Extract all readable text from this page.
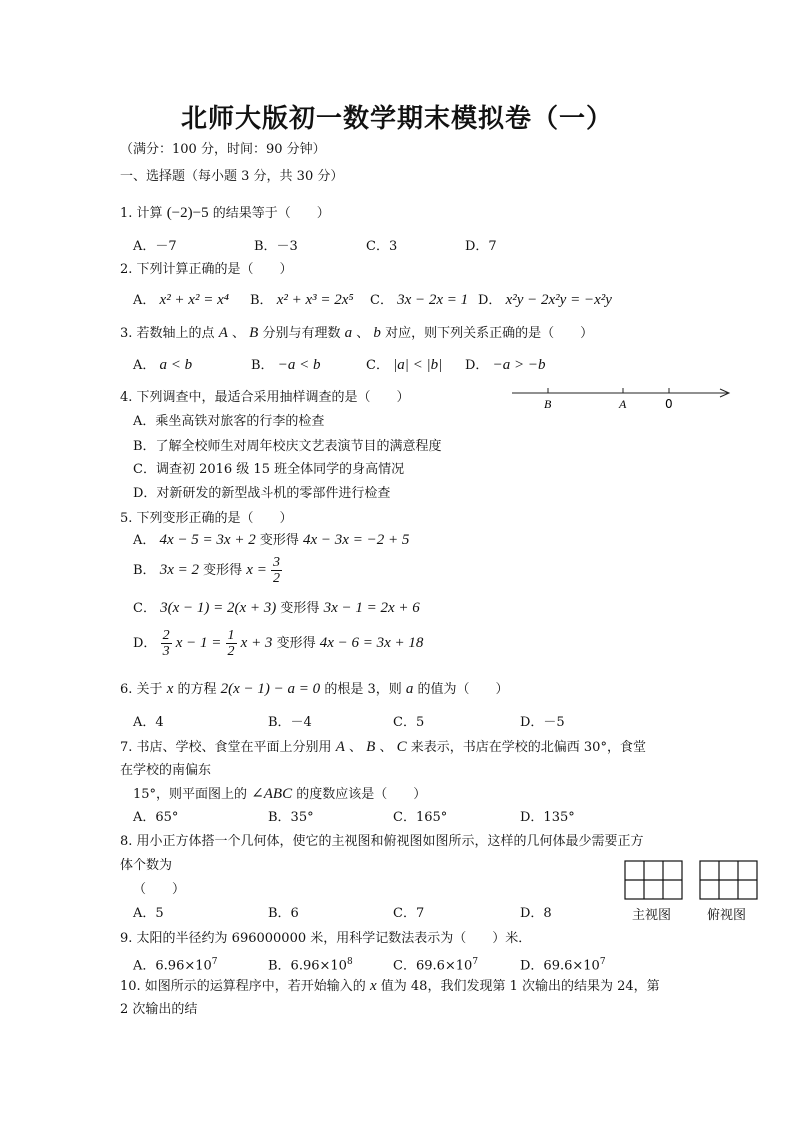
北师大版初一数学期末模拟卷（一）
（满分：100 分，时间：90 分钟）
一、选择题（每小题 3 分，共 30 分）
1. 计算 (−2)−5 的结果等于（　　）
A．－7	B．－3	C．3	D．7
2. 下列计算正确的是（　　）
A． x² + x² = x⁴ B． x² + x³ = 2x⁵ C． 3x − 2x = 1 D． x²y − 2x²y = −x²y
3. 若数轴上的点 A 、 B 分别与有理数 a 、 b 对应，则下列关系正确的是（　　）
A． a < b	B． −a < b	C． |a| < |b| D． −a > −b
4. 下列调查中，最适合采用抽样调查的是（　　）
A．乘坐高铁对旅客的行李的检查
B．了解全校师生对周年校庆文艺表演节目的满意程度
C．调查初 2016 级 15 班全体同学的身高情况
D．对新研发的新型战斗机的零部件进行检查
B	A	0
5. 下列变形正确的是（　　）
A． 4x − 5 = 3x + 2 变形得 4x − 3x = −2 + 5
B． 3x = 2 变形得 $x = \frac{3}{2}$
C． 3(x − 1) = 2(x + 3) 变形得 3x − 1 = 2x + 6
D． $\frac{2}{3}$ $x - 1 = \frac{1}{2}$ x + 3 变形得 4x − 6 = 3x + 18
6. 关于 x 的方程 2(x − 1) − a = 0 的根是 3，则 a 的值为（　　）
A．4	B．－4	C．5	D．－5
7. 书店、学校、食堂在平面上分别用 A 、 B 、 C 来表示，书店在学校的北偏西 30°，食堂
在学校的南偏东
15°，则平面图上的 ∠ABC 的度数应该是（　　）
A．65°	B．35°	C．165°	D．135°
8. 用小正方体搭一个几何体，使它的主视图和俯视图如图所示，这样的几何体最少需要正方
体个数为
（　　）
A．5	B．6	C．7	D．8	主视图	俯视图
9. 太阳的半径约为 696000000 米，用科学记数法表示为（　　）米．
A．$6.96\times 10^7$	B．$6.96\times 10^8$	C．$69.6\times 10^7$	D．$69.6\times 10^7$
10. 如图所示的运算程序中，若开始输入的 x 值为 48，我们发现第 1 次输出的结果为 24，第
2 次输出的结
